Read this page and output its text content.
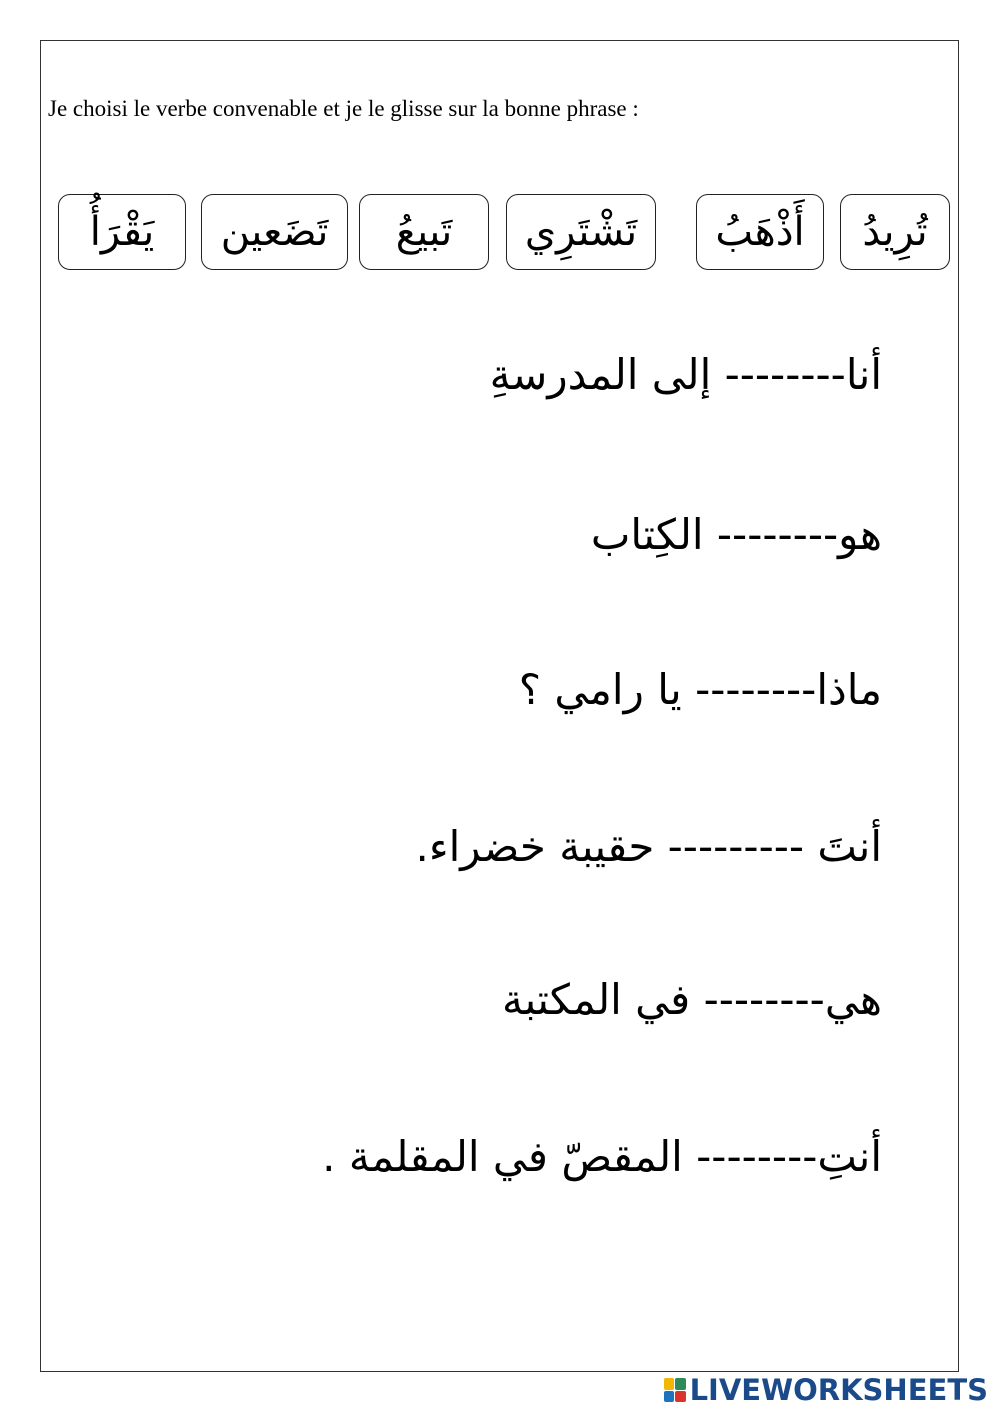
Je choisi le verbe convenable et je le glisse sur la bonne phrase :
تُرِيدُ
أَذْهَبُ
تَشْتَرِي
تَبيعُ
تَضَعين
يَقْرَأُ
أنا-------- إلى المدرسةِ
هو-------- الكِتاب
ماذا-------- يا رامي ؟
أنتَ --------- حقيبة خضراء.
هي-------- في المكتبة
أنتِ-------- المقصّ في المقلمة .
LIVEWORKSHEETS
